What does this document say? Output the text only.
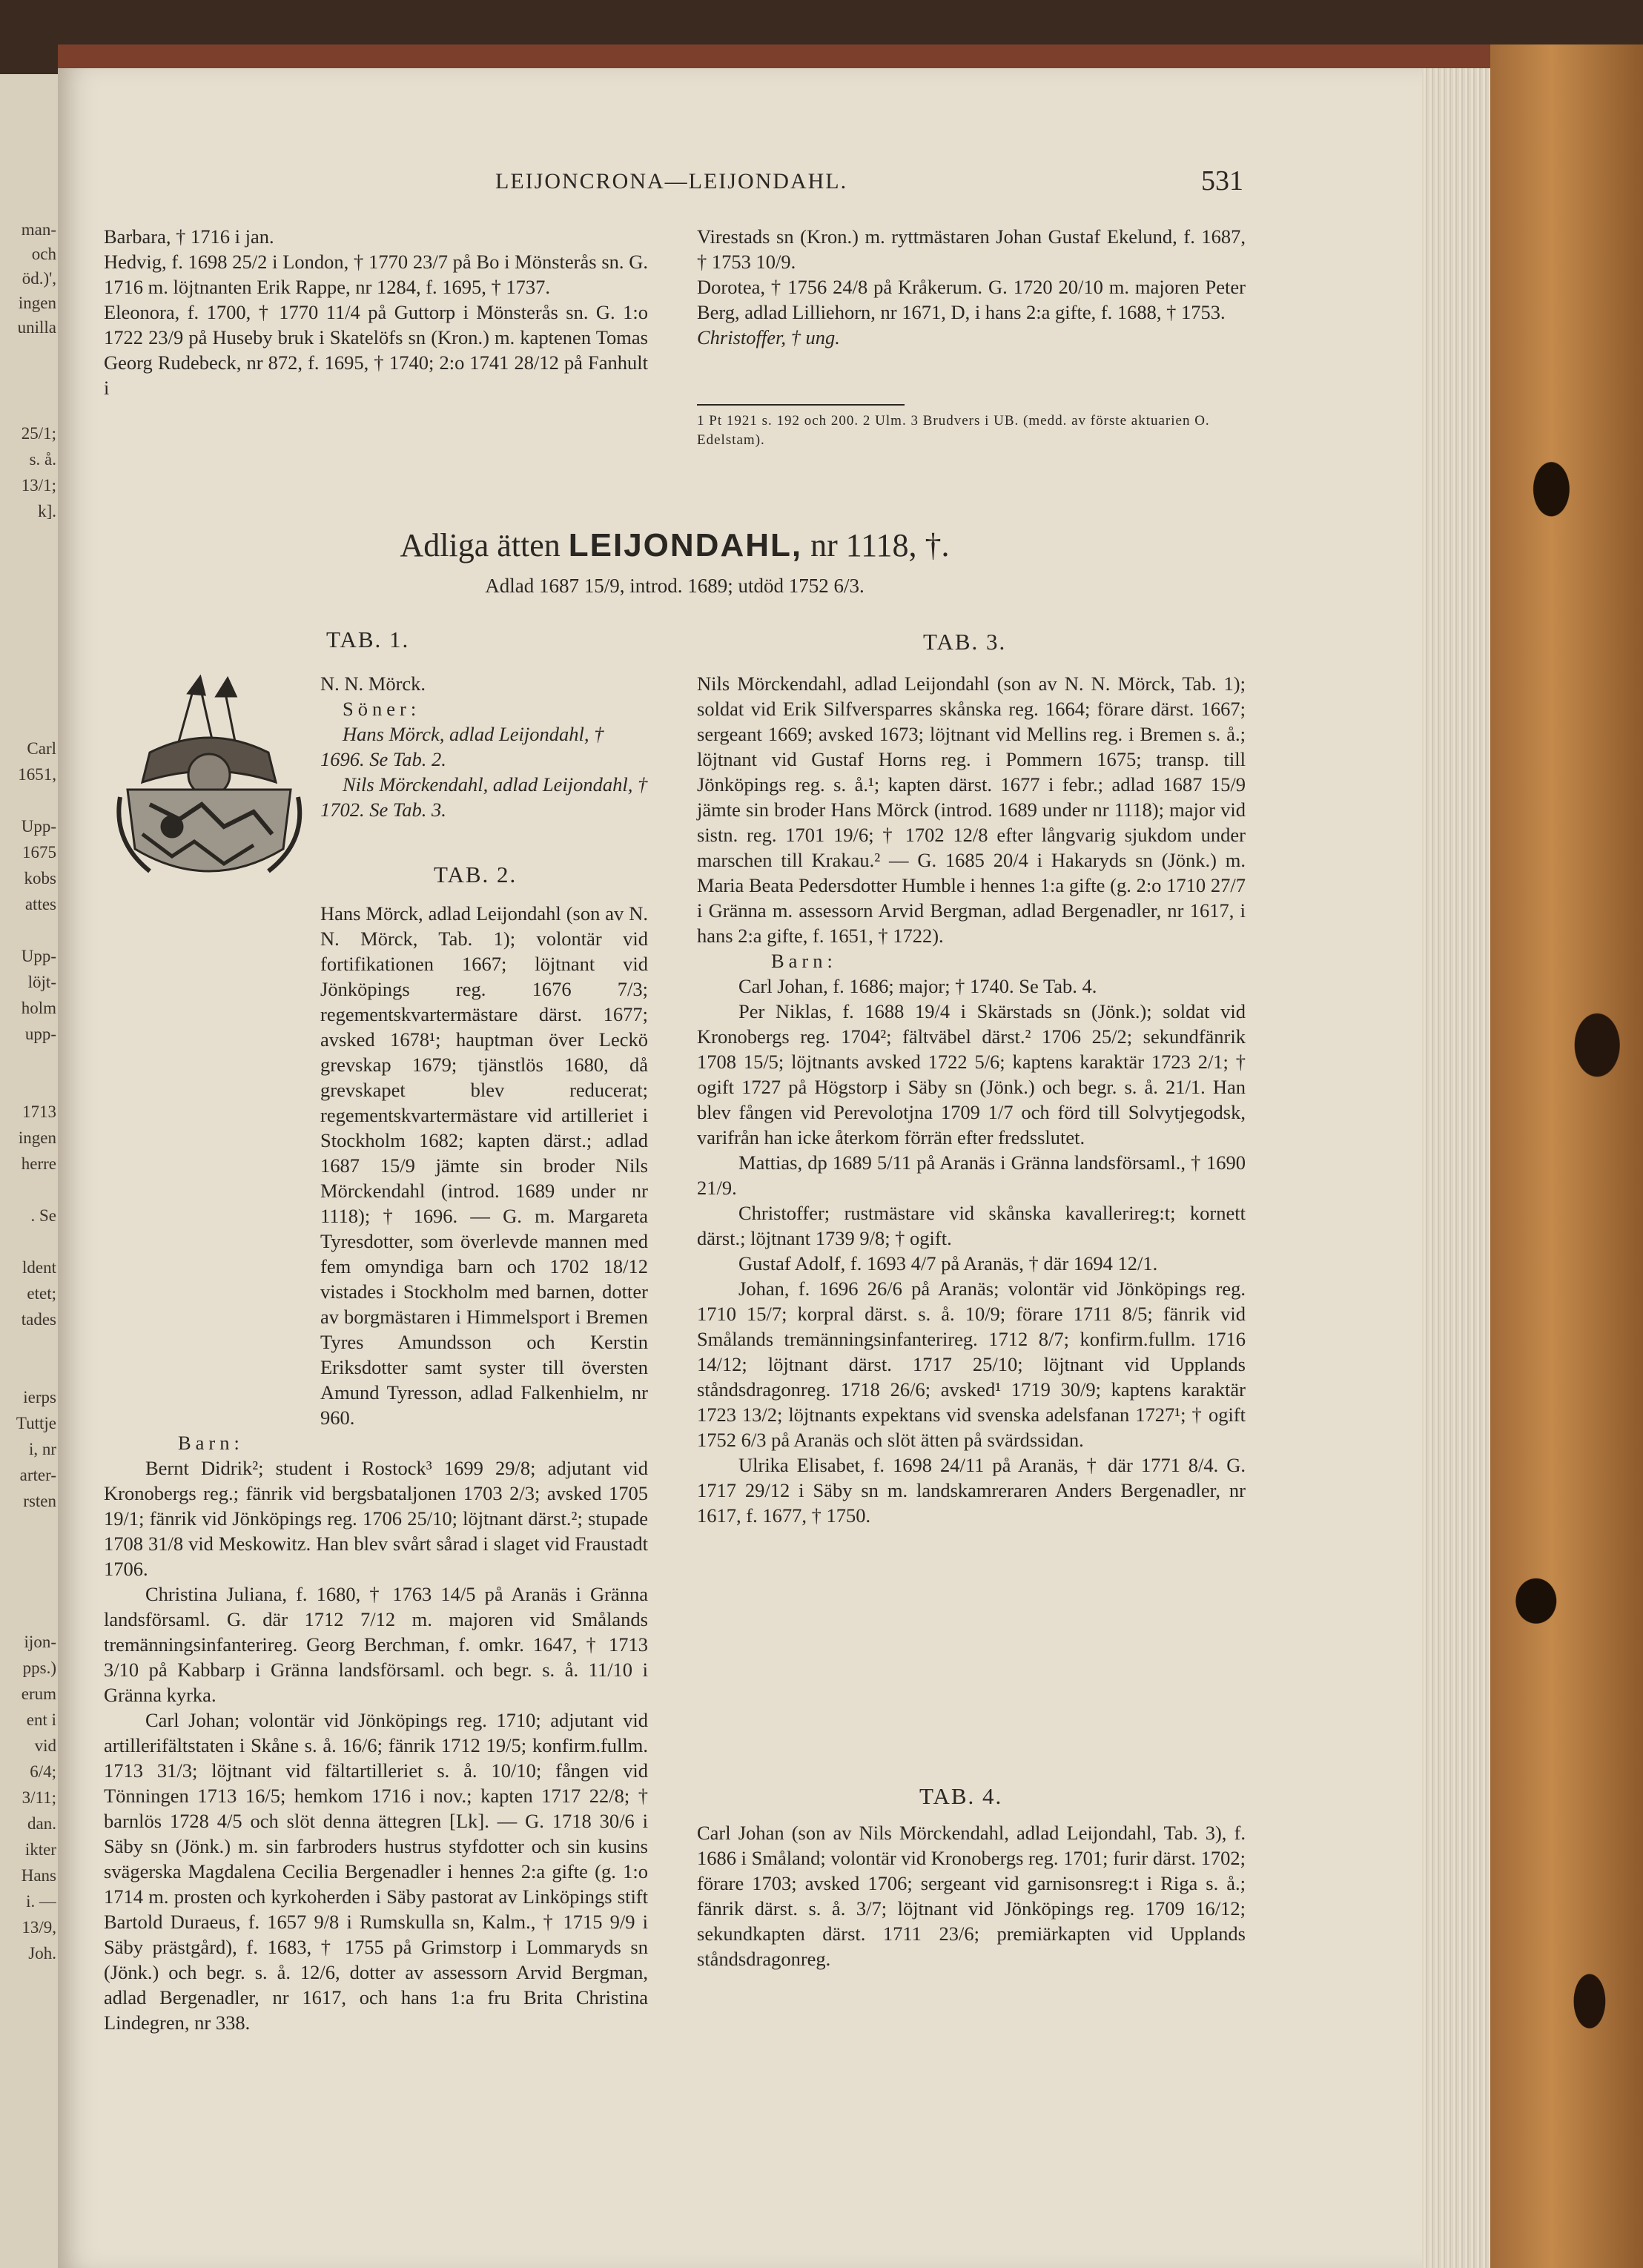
man-
och
öd.)',
ingen
unilla
25/1;
s. å.
13/1;
k].
Carl
1651,
Upp-
1675
kobs
attes
Upp-
löjt-
holm
upp-
1713
ingen
herre
. Se
ldent
etet;
tades
ierps
Tuttje
i, nr
arter-
rsten
ijon-
pps.)
erum
ent i
vid
6/4;
3/11;
dan.
ikter
Hans
i. —
13/9,
Joh.
LEIJONCRONA—LEIJONDAHL.	531

Barbara, † 1716 i jan.

Hedvig, f. 1698 25/2 i London, † 1770 23/7 på Bo i Mönsterås sn. G. 1716 m. löjtnanten Erik Rappe, nr 1284, f. 1695, † 1737.

Eleonora, f. 1700, † 1770 11/4 på Guttorp i Mönsterås sn. G. 1:o 1722 23/9 på Huseby bruk i Skatelöfs sn (Kron.) m. kaptenen Tomas Georg Rudebeck, nr 872, f. 1695, † 1740; 2:o 1741 28/12 på Fanhult i

Virestads sn (Kron.) m. ryttmästaren Johan Gustaf Ekelund, f. 1687, † 1753 10/9.

Dorotea, † 1756 24/8 på Kråkerum. G. 1720 20/10 m. majoren Peter Berg, adlad Lilliehorn, nr 1671, D, i hans 2:a gifte, f. 1688, † 1753.

Christoffer, † ung.

1 Pt 1921 s. 192 och 200. 2 Ulm. 3 Brudvers i UB. (medd. av förste aktuarien O. Edelstam).
Adliga ätten LEIJONDAHL, nr 1118, †.
Adlad 1687 15/9, introd. 1689; utdöd 1752 6/3.
TAB. 1.

N. N. Mörck.

Söner:

Hans Mörck, adlad Leijondahl, † 1696. Se Tab. 2.

Nils Mörckendahl, adlad Leijondahl, † 1702. Se Tab. 3.

TAB. 2.

Hans Mörck, adlad Leijondahl (son av N. N. Mörck, Tab. 1); volontär vid fortifikationen 1667; löjtnant vid Jönköpings reg. 1676 7/3; regementskvartermästare därst. 1677; avsked 1678¹; hauptman över Leckö grevskap 1679; tjänstlös 1680, då grevskapet blev reducerat; regementskvartermästare vid artilleriet i Stockholm 1682; kapten därst.; adlad 1687 15/9 jämte sin broder Nils Mörckendahl (introd. 1689 under nr 1118); † 1696. — G. m. Margareta Tyresdotter, som överlevde mannen med fem omyndiga barn och 1702 18/12 vistades i Stockholm med barnen, dotter av borgmästaren i Himmelsport i Bremen Tyres Amundsson och Kerstin Eriksdotter samt syster till översten Amund Tyresson, adlad Falkenhielm, nr 960.

Barn:

Bernt Didrik²; student i Rostock³ 1699 29/8; adjutant vid Kronobergs reg.; fänrik vid bergsbataljonen 1703 2/3; avsked 1705 19/1; fänrik vid Jönköpings reg. 1706 25/10; löjtnant därst.²; stupade 1708 31/8 vid Meskowitz. Han blev svårt sårad i slaget vid Fraustadt 1706.

Christina Juliana, f. 1680, † 1763 14/5 på Aranäs i Gränna landsförsaml. G. där 1712 7/12 m. majoren vid Smålands tremänningsinfanterireg. Georg Berchman, f. omkr. 1647, † 1713 3/10 på Kabbarp i Gränna landsförsaml. och begr. s. å. 11/10 i Gränna kyrka.

Carl Johan; volontär vid Jönköpings reg. 1710; adjutant vid artillerifältstaten i Skåne s. å. 16/6; fänrik 1712 19/5; konfirm.fullm. 1713 31/3; löjtnant vid fältartilleriet s. å. 10/10; fången vid Tönningen 1713 16/5; hemkom 1716 i nov.; kapten 1717 22/8; † barnlös 1728 4/5 och slöt denna ättegren [Lk]. — G. 1718 30/6 i Säby sn (Jönk.) m. sin farbroders hustrus styfdotter och sin kusins svägerska Magdalena Cecilia Bergenadler i hennes 2:a gifte (g. 1:o 1714 m. prosten och kyrkoherden i Säby pastorat av Linköpings stift Bartold Duraeus, f. 1657 9/8 i Rumskulla sn, Kalm., † 1715 9/9 i Säby prästgård), f. 1683, † 1755 på Grimstorp i Lommaryds sn (Jönk.) och begr. s. å. 12/6, dotter av assessorn Arvid Bergman, adlad Bergenadler, nr 1617, och hans 1:a fru Brita Christina Lindegren, nr 338.

TAB. 3.

Nils Mörckendahl, adlad Leijondahl (son av N. N. Mörck, Tab. 1); soldat vid Erik Silfversparres skånska reg. 1664; förare därst. 1667; sergeant 1669; avsked 1673; löjtnant vid Mellins reg. i Bremen s. å.; löjtnant vid Gustaf Horns reg. i Pommern 1675; transp. till Jönköpings reg. s. å.¹; kapten därst. 1677 i febr.; adlad 1687 15/9 jämte sin broder Hans Mörck (introd. 1689 under nr 1118); major vid sistn. reg. 1701 19/6; † 1702 12/8 efter långvarig sjukdom under marschen till Krakau.² — G. 1685 20/4 i Hakaryds sn (Jönk.) m. Maria Beata Pedersdotter Humble i hennes 1:a gifte (g. 2:o 1710 27/7 i Gränna m. assessorn Arvid Bergman, adlad Bergenadler, nr 1617, i hans 2:a gifte, f. 1651, † 1722).

Barn:

Carl Johan, f. 1686; major; † 1740. Se Tab. 4.

Per Niklas, f. 1688 19/4 i Skärstads sn (Jönk.); soldat vid Kronobergs reg. 1704²; fältväbel därst.² 1706 25/2; sekundfänrik 1708 15/5; löjtnants avsked 1722 5/6; kaptens karaktär 1723 2/1; † ogift 1727 på Högstorp i Säby sn (Jönk.) och begr. s. å. 21/1. Han blev fången vid Perevolotjna 1709 1/7 och förd till Solvytjegodsk, varifrån han icke återkom förrän efter fredsslutet.

Mattias, dp 1689 5/11 på Aranäs i Gränna landsförsaml., † 1690 21/9.

Christoffer; rustmästare vid skånska kavallerireg:t; kornett därst.; löjtnant 1739 9/8; † ogift.

Gustaf Adolf, f. 1693 4/7 på Aranäs, † där 1694 12/1.

Johan, f. 1696 26/6 på Aranäs; volontär vid Jönköpings reg. 1710 15/7; korpral därst. s. å. 10/9; förare 1711 8/5; fänrik vid Smålands tremänningsinfanterireg. 1712 8/7; konfirm.fullm. 1716 14/12; löjtnant därst. 1717 25/10; löjtnant vid Upplands ståndsdragonreg. 1718 26/6; avsked¹ 1719 30/9; kaptens karaktär 1723 13/2; löjtnants expektans vid svenska adelsfanan 1727¹; † ogift 1752 6/3 på Aranäs och slöt ätten på svärdssidan.

Ulrika Elisabet, f. 1698 24/11 på Aranäs, † där 1771 8/4. G. 1717 29/12 i Säby sn m. landskamreraren Anders Bergenadler, nr 1617, f. 1677, † 1750.

TAB. 4.

Carl Johan (son av Nils Mörckendahl, adlad Leijondahl, Tab. 3), f. 1686 i Småland; volontär vid Kronobergs reg. 1701; furir därst. 1702; förare 1703; avsked 1706; sergeant vid garnisonsreg:t i Riga s. å.; fänrik därst. s. å. 3/7; löjtnant vid Jönköpings reg. 1709 16/12; sekundkapten därst. 1711 23/6; premiärkapten vid Upplands ståndsdragonreg.
